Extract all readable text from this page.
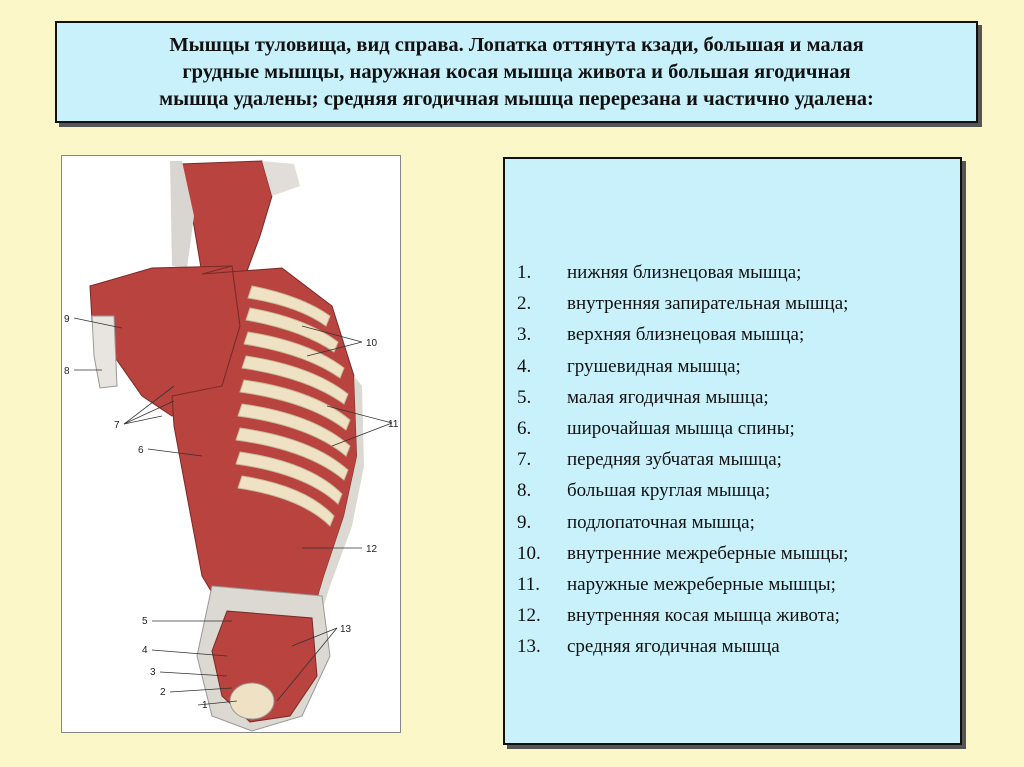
Мышцы туловища, вид справа. Лопатка оттянута кзади, большая и малая
грудные мышцы, наружная косая мышца живота и большая ягодичная
мышца удалены; средняя ягодичная мышца перерезана и частично удалена:

1
2
3
4
5
6
7
8
9
10
11
12
13
1.	нижняя близнецовая мышца;
2.	внутренняя запирательная мышца;
3.	верхняя близнецовая мышца;
4.	грушевидная мышца;
5.	малая ягодичная мышца;
6.	широчайшая мышца спины;
7.	передняя зубчатая мышца;
8.	большая круглая мышца;
9.	подлопаточная мышца;
10.	внутренние межреберные мышцы;
11.	наружные межреберные мышцы;
12.	внутренняя косая мышца живота;
13.	средняя ягодичная мышца
